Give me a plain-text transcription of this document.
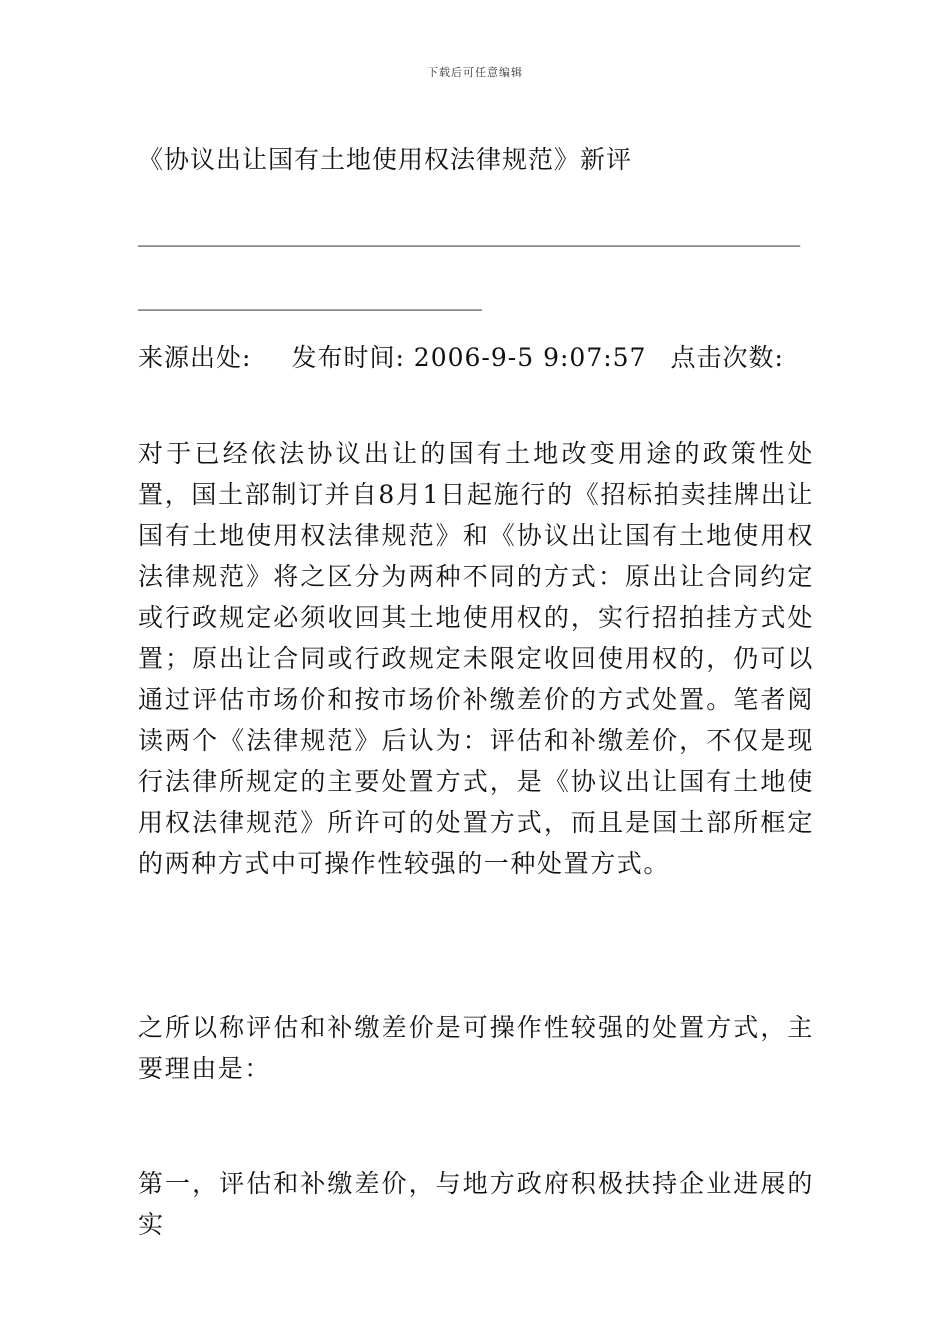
下载后可任意编辑
《协议出让国有土地使用权法律规范》新评
__________________________________________________
__________________________
来源出处: 发布时间: 2006-9-5 9:07:57 点击次数:

对于已经依法协议出让的国有土地改变用途的政策性处置，国土部制订并自8月1日起施行的《招标拍卖挂牌出让国有土地使用权法律规范》和《协议出让国有土地使用权法律规范》将之区分为两种不同的方式：原出让合同约定或行政规定必须收回其土地使用权的，实行招拍挂方式处置；原出让合同或行政规定未限定收回使用权的，仍可以通过评估市场价和按市场价补缴差价的方式处置。笔者阅读两个《法律规范》后认为：评估和补缴差价，不仅是现行法律所规定的主要处置方式，是《协议出让国有土地使用权法律规范》所许可的处置方式，而且是国土部所框定的两种方式中可操作性较强的一种处置方式。

之所以称评估和补缴差价是可操作性较强的处置方式，主要理由是：

第一，评估和补缴差价，与地方政府积极扶持企业进展的实
